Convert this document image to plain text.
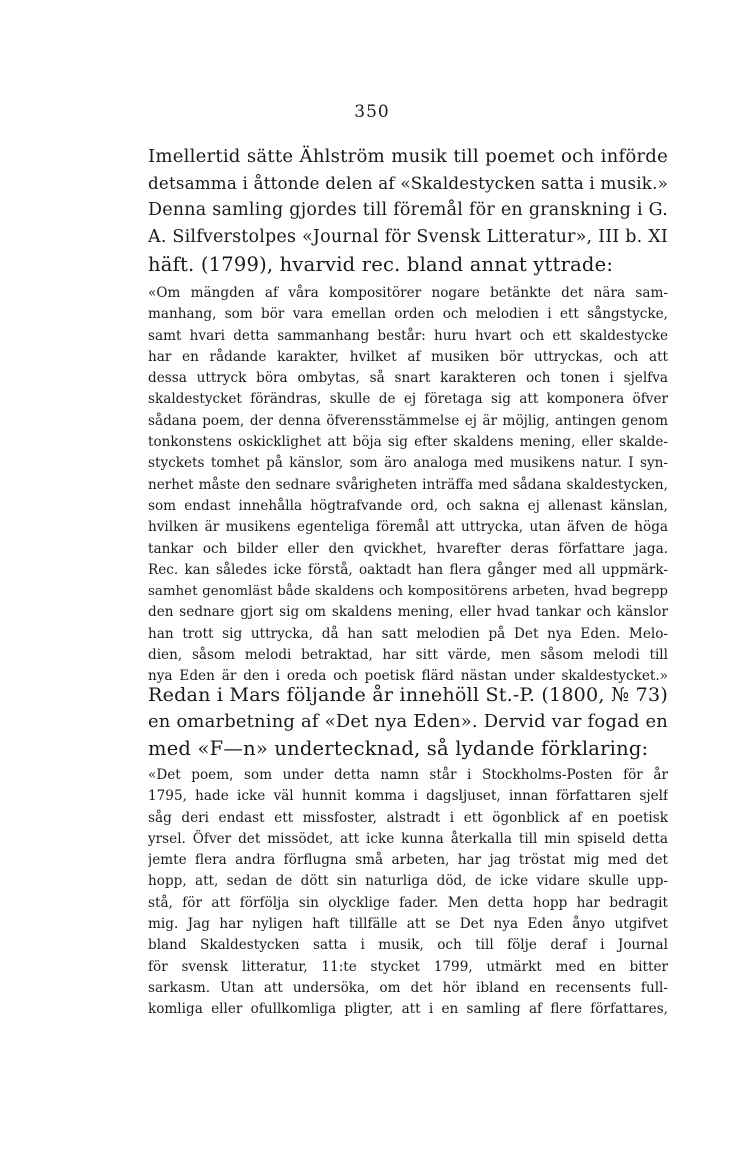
350
Imellertid sätte Ählström musik till poemet och införde
detsamma i åttonde delen af «Skaldestycken satta i musik.»
Denna samling gjordes till föremål för en granskning i G.
A. Silfverstolpes «Journal för Svensk Litteratur», III b. XI
häft. (1799), hvarvid rec. bland annat yttrade:
«Om mängden af våra kompositörer nogare betänkte det nära sam-
manhang, som bör vara emellan orden och melodien i ett sångstycke,
samt hvari detta sammanhang består: huru hvart och ett skaldestycke
har en rådande karakter, hvilket af musiken bör uttryckas, och att
dessa uttryck böra ombytas, så snart karakteren och tonen i sjelfva
skaldestycket förändras, skulle de ej företaga sig att komponera öfver
sådana poem, der denna öfverensstämmelse ej är möjlig, antingen genom
tonkonstens oskicklighet att böja sig efter skaldens mening, eller skalde-
styckets tomhet på känslor, som äro analoga med musikens natur. I syn-
nerhet måste den sednare svårigheten inträffa med sådana skaldestycken,
som endast innehålla högtrafvande ord, och sakna ej allenast känslan,
hvilken är musikens egenteliga föremål att uttrycka, utan äfven de höga
tankar och bilder eller den qvickhet, hvarefter deras författare jaga.
Rec. kan således icke förstå, oaktadt han flera gånger med all uppmärk-
samhet genomläst både skaldens och kompositörens arbeten, hvad begrepp
den sednare gjort sig om skaldens mening, eller hvad tankar och känslor
han trott sig uttrycka, då han satt melodien på Det nya Eden. Melo-
dien, såsom melodi betraktad, har sitt värde, men såsom melodi till
nya Eden är den i oreda och poetisk flärd nästan under skaldestycket.»
Redan i Mars följande år innehöll St.-P. (1800, № 73)
en omarbetning af «Det nya Eden». Dervid var fogad en
med «F—n» undertecknad, så lydande förklaring:
«Det poem, som under detta namn står i Stockholms-Posten för år
1795, hade icke väl hunnit komma i dagsljuset, innan författaren sjelf
såg deri endast ett missfoster, alstradt i ett ögonblick af en poetisk
yrsel. Öfver det missödet, att icke kunna återkalla till min spiseld detta
jemte flera andra förflugna små arbeten, har jag tröstat mig med det
hopp, att, sedan de dött sin naturliga död, de icke vidare skulle upp-
stå, för att förfölja sin olycklige fader. Men detta hopp har bedragit
mig. Jag har nyligen haft tillfälle att se Det nya Eden ånyo utgifvet
bland Skaldestycken satta i musik, och till följe deraf i Journal
för svensk litteratur, 11:te stycket 1799, utmärkt med en bitter
sarkasm. Utan att undersöka, om det hör ibland en recensents full-
komliga eller ofullkomliga pligter, att i en samling af flere författares,
